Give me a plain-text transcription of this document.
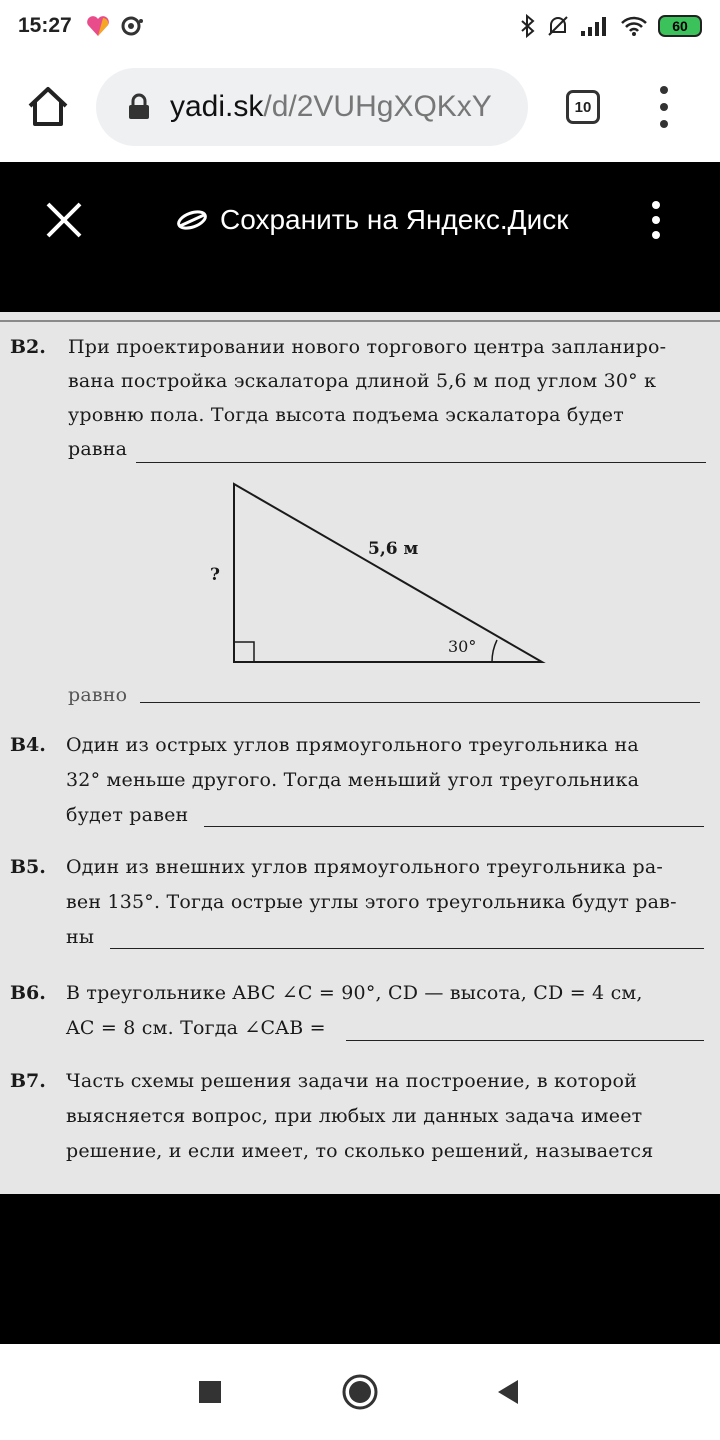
15:27	60
yadi.sk/d/2VUHgXQKxY	10
Сохранить на Яндекс.Диск
B2. При проектировании нового торгового центра запланиро-
вана постройка эскалатора длиной 5,6 м под углом 30° к
уровню пола. Тогда высота подъема эскалатора будет
равна
5,6 м
?
30°
равно
B4. Один из острых углов прямоугольного треугольника на
32° меньше другого. Тогда меньший угол треугольника
будет равен
B5. Один из внешних углов прямоугольного треугольника ра-
вен 135°. Тогда острые углы этого треугольника будут рав-
ны
B6. В треугольнике ABC ∠C = 90°, CD — высота, CD = 4 см,
AC = 8 см. Тогда ∠CAB =
B7. Часть схемы решения задачи на построение, в которой
выясняется вопрос, при любых ли данных задача имеет
решение, и если имеет, то сколько решений, называется
